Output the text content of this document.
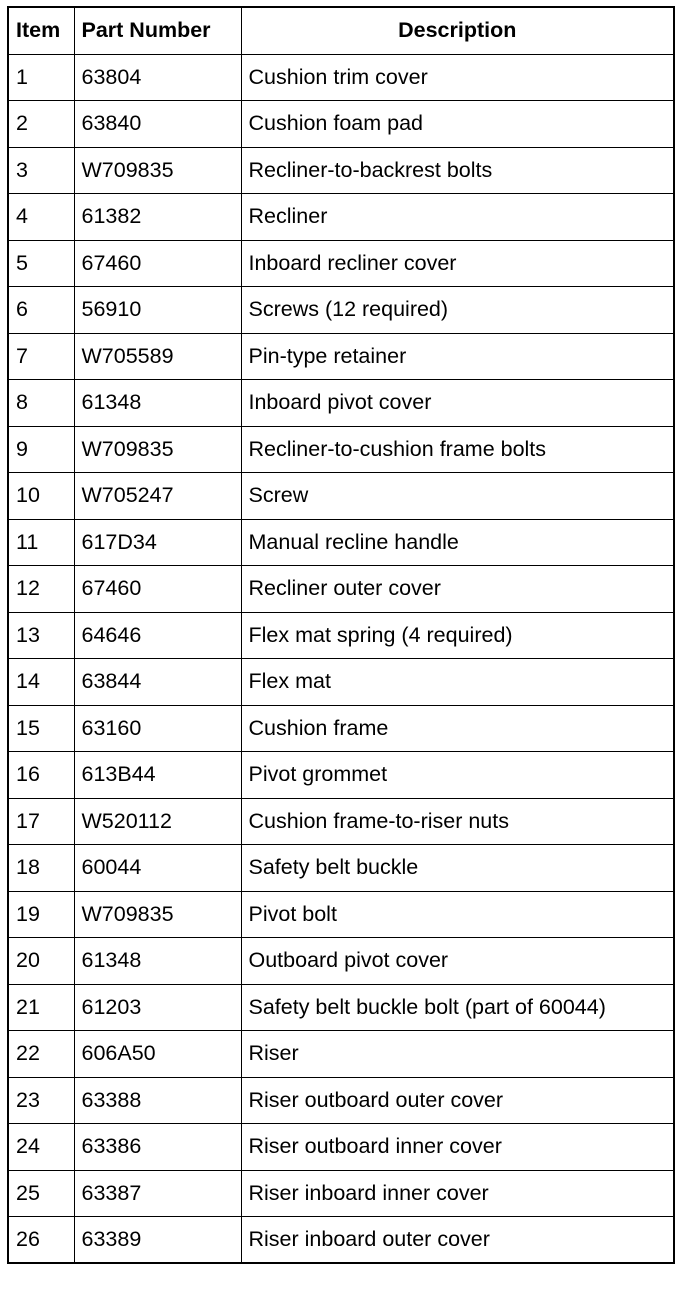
Item	Part Number	Description
1	63804	Cushion trim cover
2	63840	Cushion foam pad
3	W709835	Recliner-to-backrest bolts
4	61382	Recliner
5	67460	Inboard recliner cover
6	56910	Screws (12 required)
7	W705589	Pin-type retainer
8	61348	Inboard pivot cover
9	W709835	Recliner-to-cushion frame bolts
10	W705247	Screw
11	617D34	Manual recline handle
12	67460	Recliner outer cover
13	64646	Flex mat spring (4 required)
14	63844	Flex mat
15	63160	Cushion frame
16	613B44	Pivot grommet
17	W520112	Cushion frame-to-riser nuts
18	60044	Safety belt buckle
19	W709835	Pivot bolt
20	61348	Outboard pivot cover
21	61203	Safety belt buckle bolt (part of 60044)
22	606A50	Riser
23	63388	Riser outboard outer cover
24	63386	Riser outboard inner cover
25	63387	Riser inboard inner cover
26	63389	Riser inboard outer cover
